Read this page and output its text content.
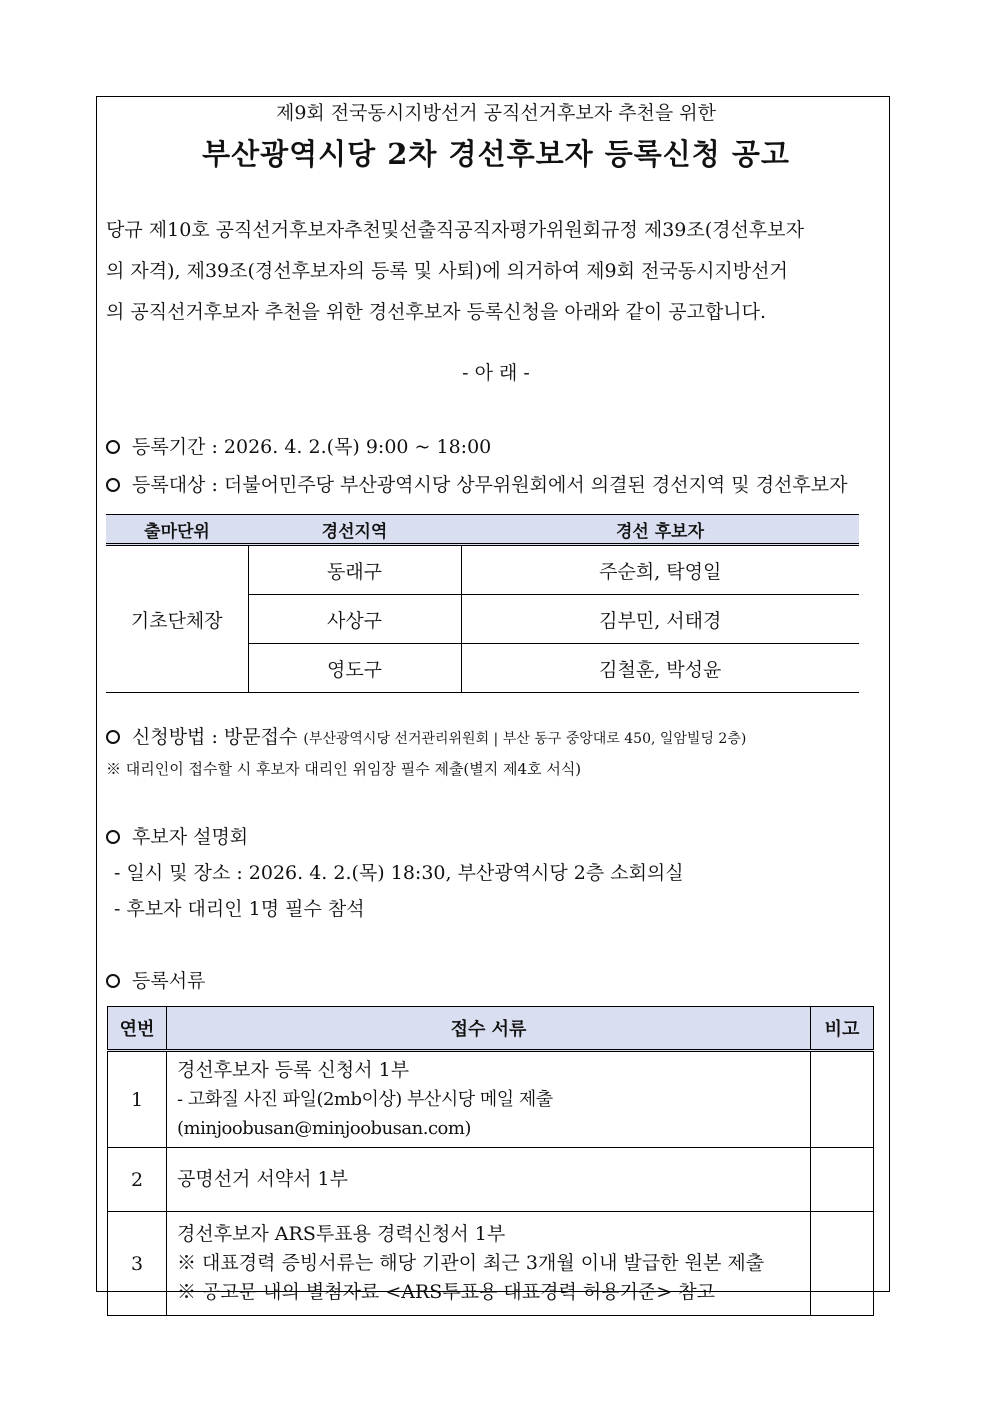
제9회 전국동시지방선거 공직선거후보자 추천을 위한
부산광역시당 2차 경선후보자 등록신청 공고
당규 제10호 공직선거후보자추천및선출직공직자평가위원회규정 제39조(경선후보자
의 자격), 제39조(경선후보자의 등록 및 사퇴)에 의거하여 제9회 전국동시지방선거
의 공직선거후보자 추천을 위한 경선후보자 등록신청을 아래와 같이 공고합니다.
- 아 래 -
등록기간 : 2026. 4. 2.(목) 9:00 ~ 18:00
등록대상 : 더불어민주당 부산광역시당 상무위원회에서 의결된 경선지역 및 경선후보자
출마단위	경선지역	경선 후보자
기초단체장	동래구	주순희, 탁영일
	사상구	김부민, 서태경
	영도구	김철훈, 박성윤
신청방법 : 방문접수 (부산광역시당 선거관리위원회 | 부산 동구 중앙대로 450, 일암빌딩 2층)
※ 대리인이 접수할 시 후보자 대리인 위임장 필수 제출(별지 제4호 서식)
후보자 설명회
- 일시 및 장소 : 2026. 4. 2.(목) 18:30, 부산광역시당 2층 소회의실
- 후보자 대리인 1명 필수 참석
등록서류
연번	접수 서류	비고
1	경선후보자 등록 신청서 1부
- 고화질 사진 파일(2mb이상) 부산시당 메일 제출(minjoobusan@minjoobusan.com)	

2	공명선거 서약서 1부	

3	경선후보자 ARS투표용 경력신청서 1부
※ 대표경력 증빙서류는 해당 기관이 최근 3개월 이내 발급한 원본 제출
※ 공고문 내의 별첨자료 <ARS투표용 대표경력 허용기준> 참고	
